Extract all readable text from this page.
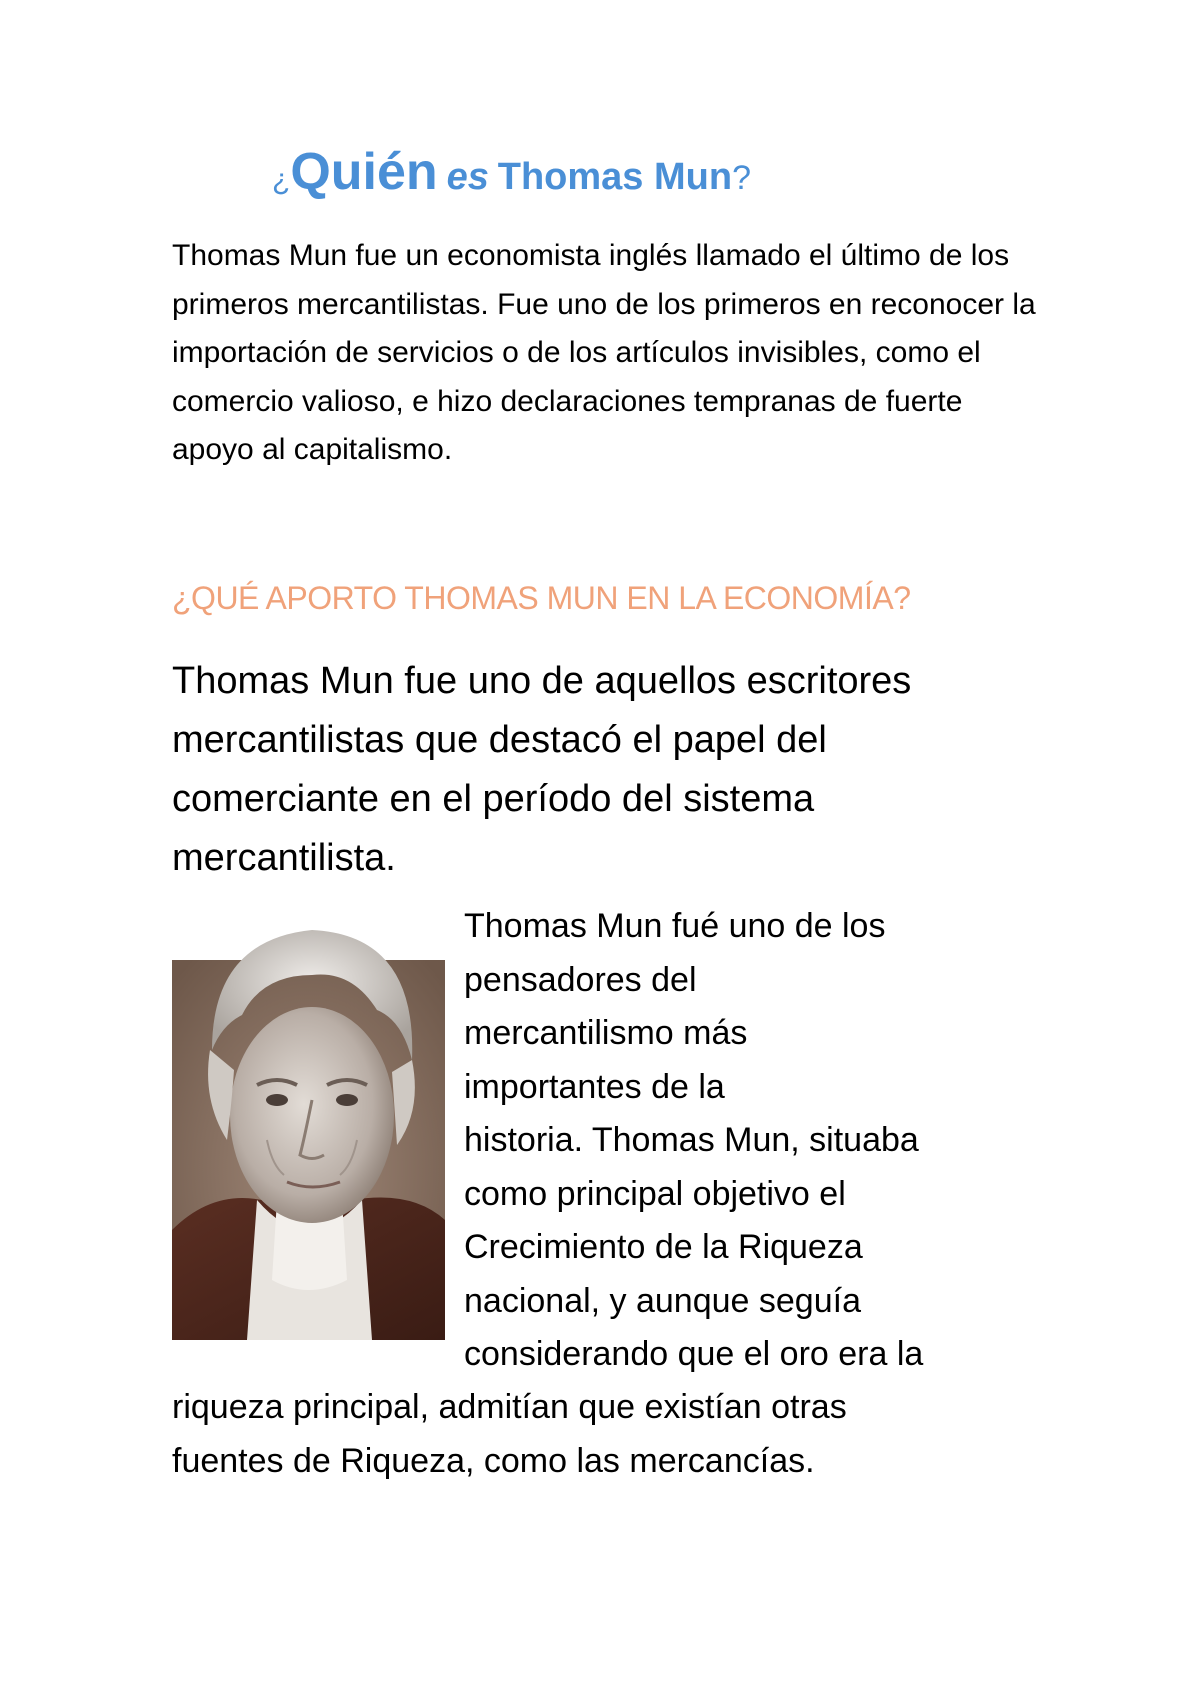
¿Quién es Thomas Mun?

Thomas Mun fue un economista inglés llamado el último de los primeros mercantilistas. Fue uno de los primeros en reconocer la importación de servicios o de los artículos invisibles, como el comercio valioso, e hizo declaraciones tempranas de fuerte apoyo al capitalismo.

¿QUÉ APORTO THOMAS MUN EN LA ECONOMÍA?

Thomas Mun fue uno de aquellos escritores mercantilistas que destacó el papel del comerciante en el período del sistema mercantilista.

Thomas Mun fué uno de los
pensadores del
mercantilismo más
importantes de la
historia. Thomas Mun, situaba
como principal objetivo el
Crecimiento de la Riqueza
nacional, y aunque seguía
considerando que el oro era la

riqueza principal, admitían que existían otras
fuentes de Riqueza, como las mercancías.
